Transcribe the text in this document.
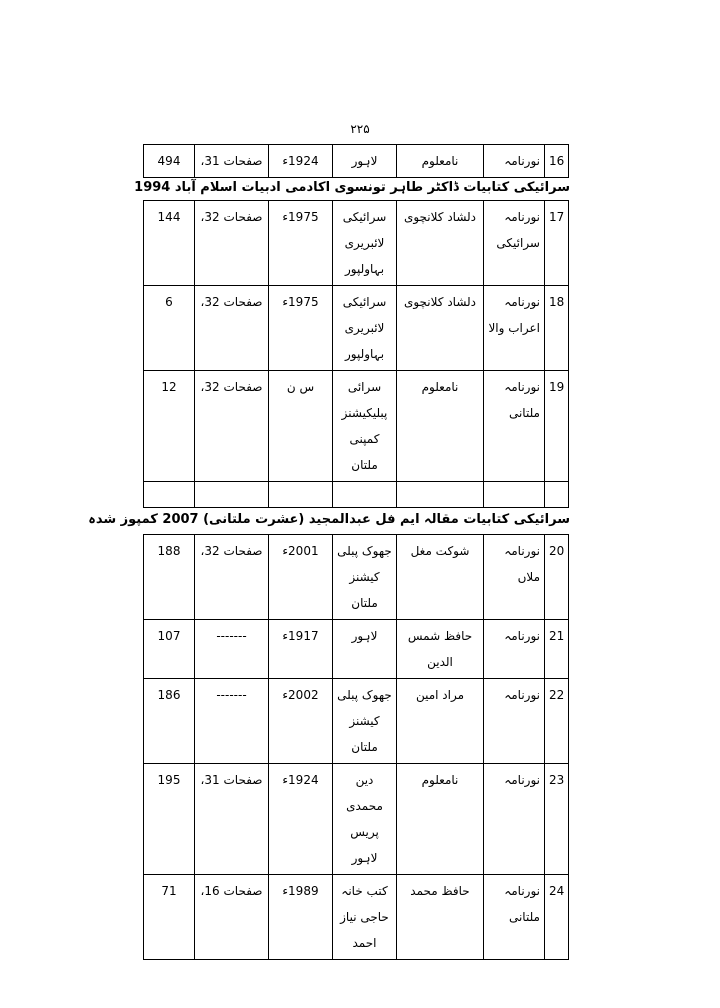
۲۲۵
16	نورنامہ	نامعلوم	لاہور	1924ء	صفحات 31،	494
سرائیکی کتابیات ڈاکٹر طاہر تونسوی اکادمی ادبیات اسلام آباد 1994
17	نورنامہ سرائیکی	دلشاد کلانچوی	سرائیکی لائبریری بہاولپور	1975ء	صفحات 32،	144
18	نورنامہ اعراب والا	دلشاد کلانچوی	سرائیکی لائبریری بہاولپور	1975ء	صفحات 32،	6
19	نورنامہ ملتانی	نامعلوم	سرائی پبلیکیشنز کمپنی ملتان	س ن	صفحات 32،	12

سرائیکی کتابیات مقالہ ایم فل عبدالمجید (عشرت ملتانی) 2007 کمپوز شدہ
20	نورنامہ ملاں	شوکت مغل	جھوک پبلی کیشنز ملتان	2001ء	صفحات 32،	188
21	نورنامہ	حافظ شمس الدین	لاہور	1917ء	-------	107
22	نورنامہ	مراد امین	جھوک پبلی کیشنز ملتان	2002ء	-------	186
23	نورنامہ	نامعلوم	دین محمدی پریس لاہور	1924ء	صفحات 31،	195
24	نورنامہ ملتانی	حافظ محمد	کتب خانہ حاجی نیاز احمد	1989ء	صفحات 16،	71
